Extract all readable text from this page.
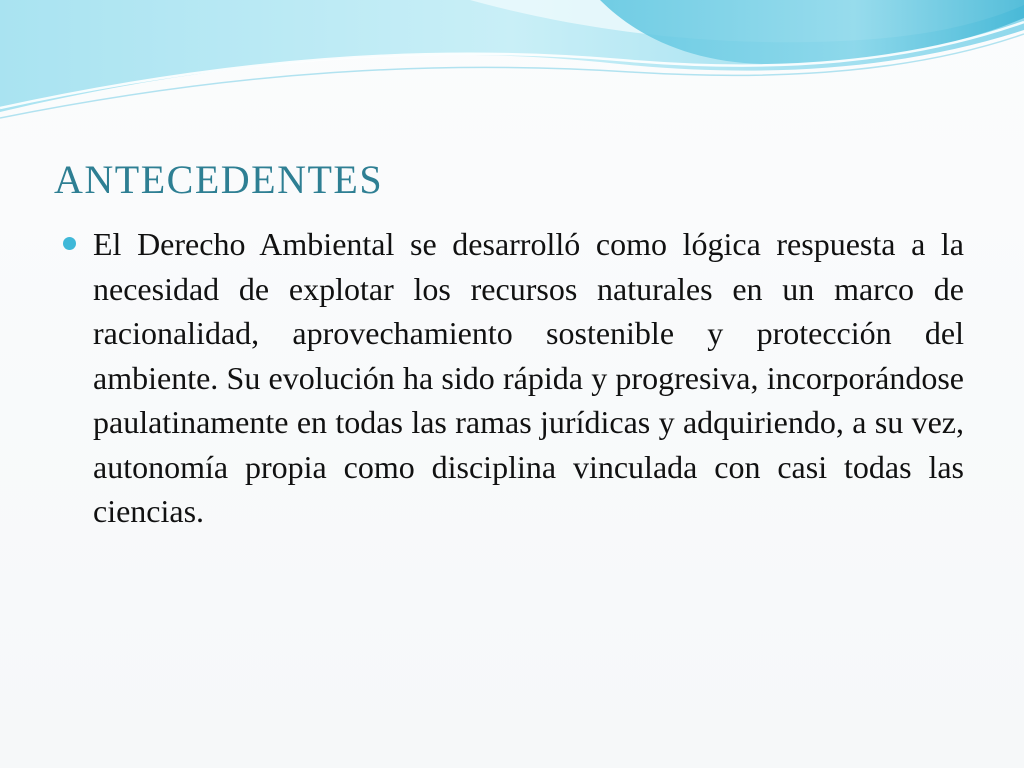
ANTECEDENTES
El Derecho Ambiental se desarrolló como lógica respuesta a la necesidad de explotar los recursos naturales en un marco de racionalidad, aprovechamiento sostenible y protección del ambiente. Su evolución ha sido rápida y progresiva, incorporándose paulatinamente en todas las ramas jurídicas y adquiriendo, a su vez, autonomía propia como disciplina vinculada con casi todas las ciencias.
